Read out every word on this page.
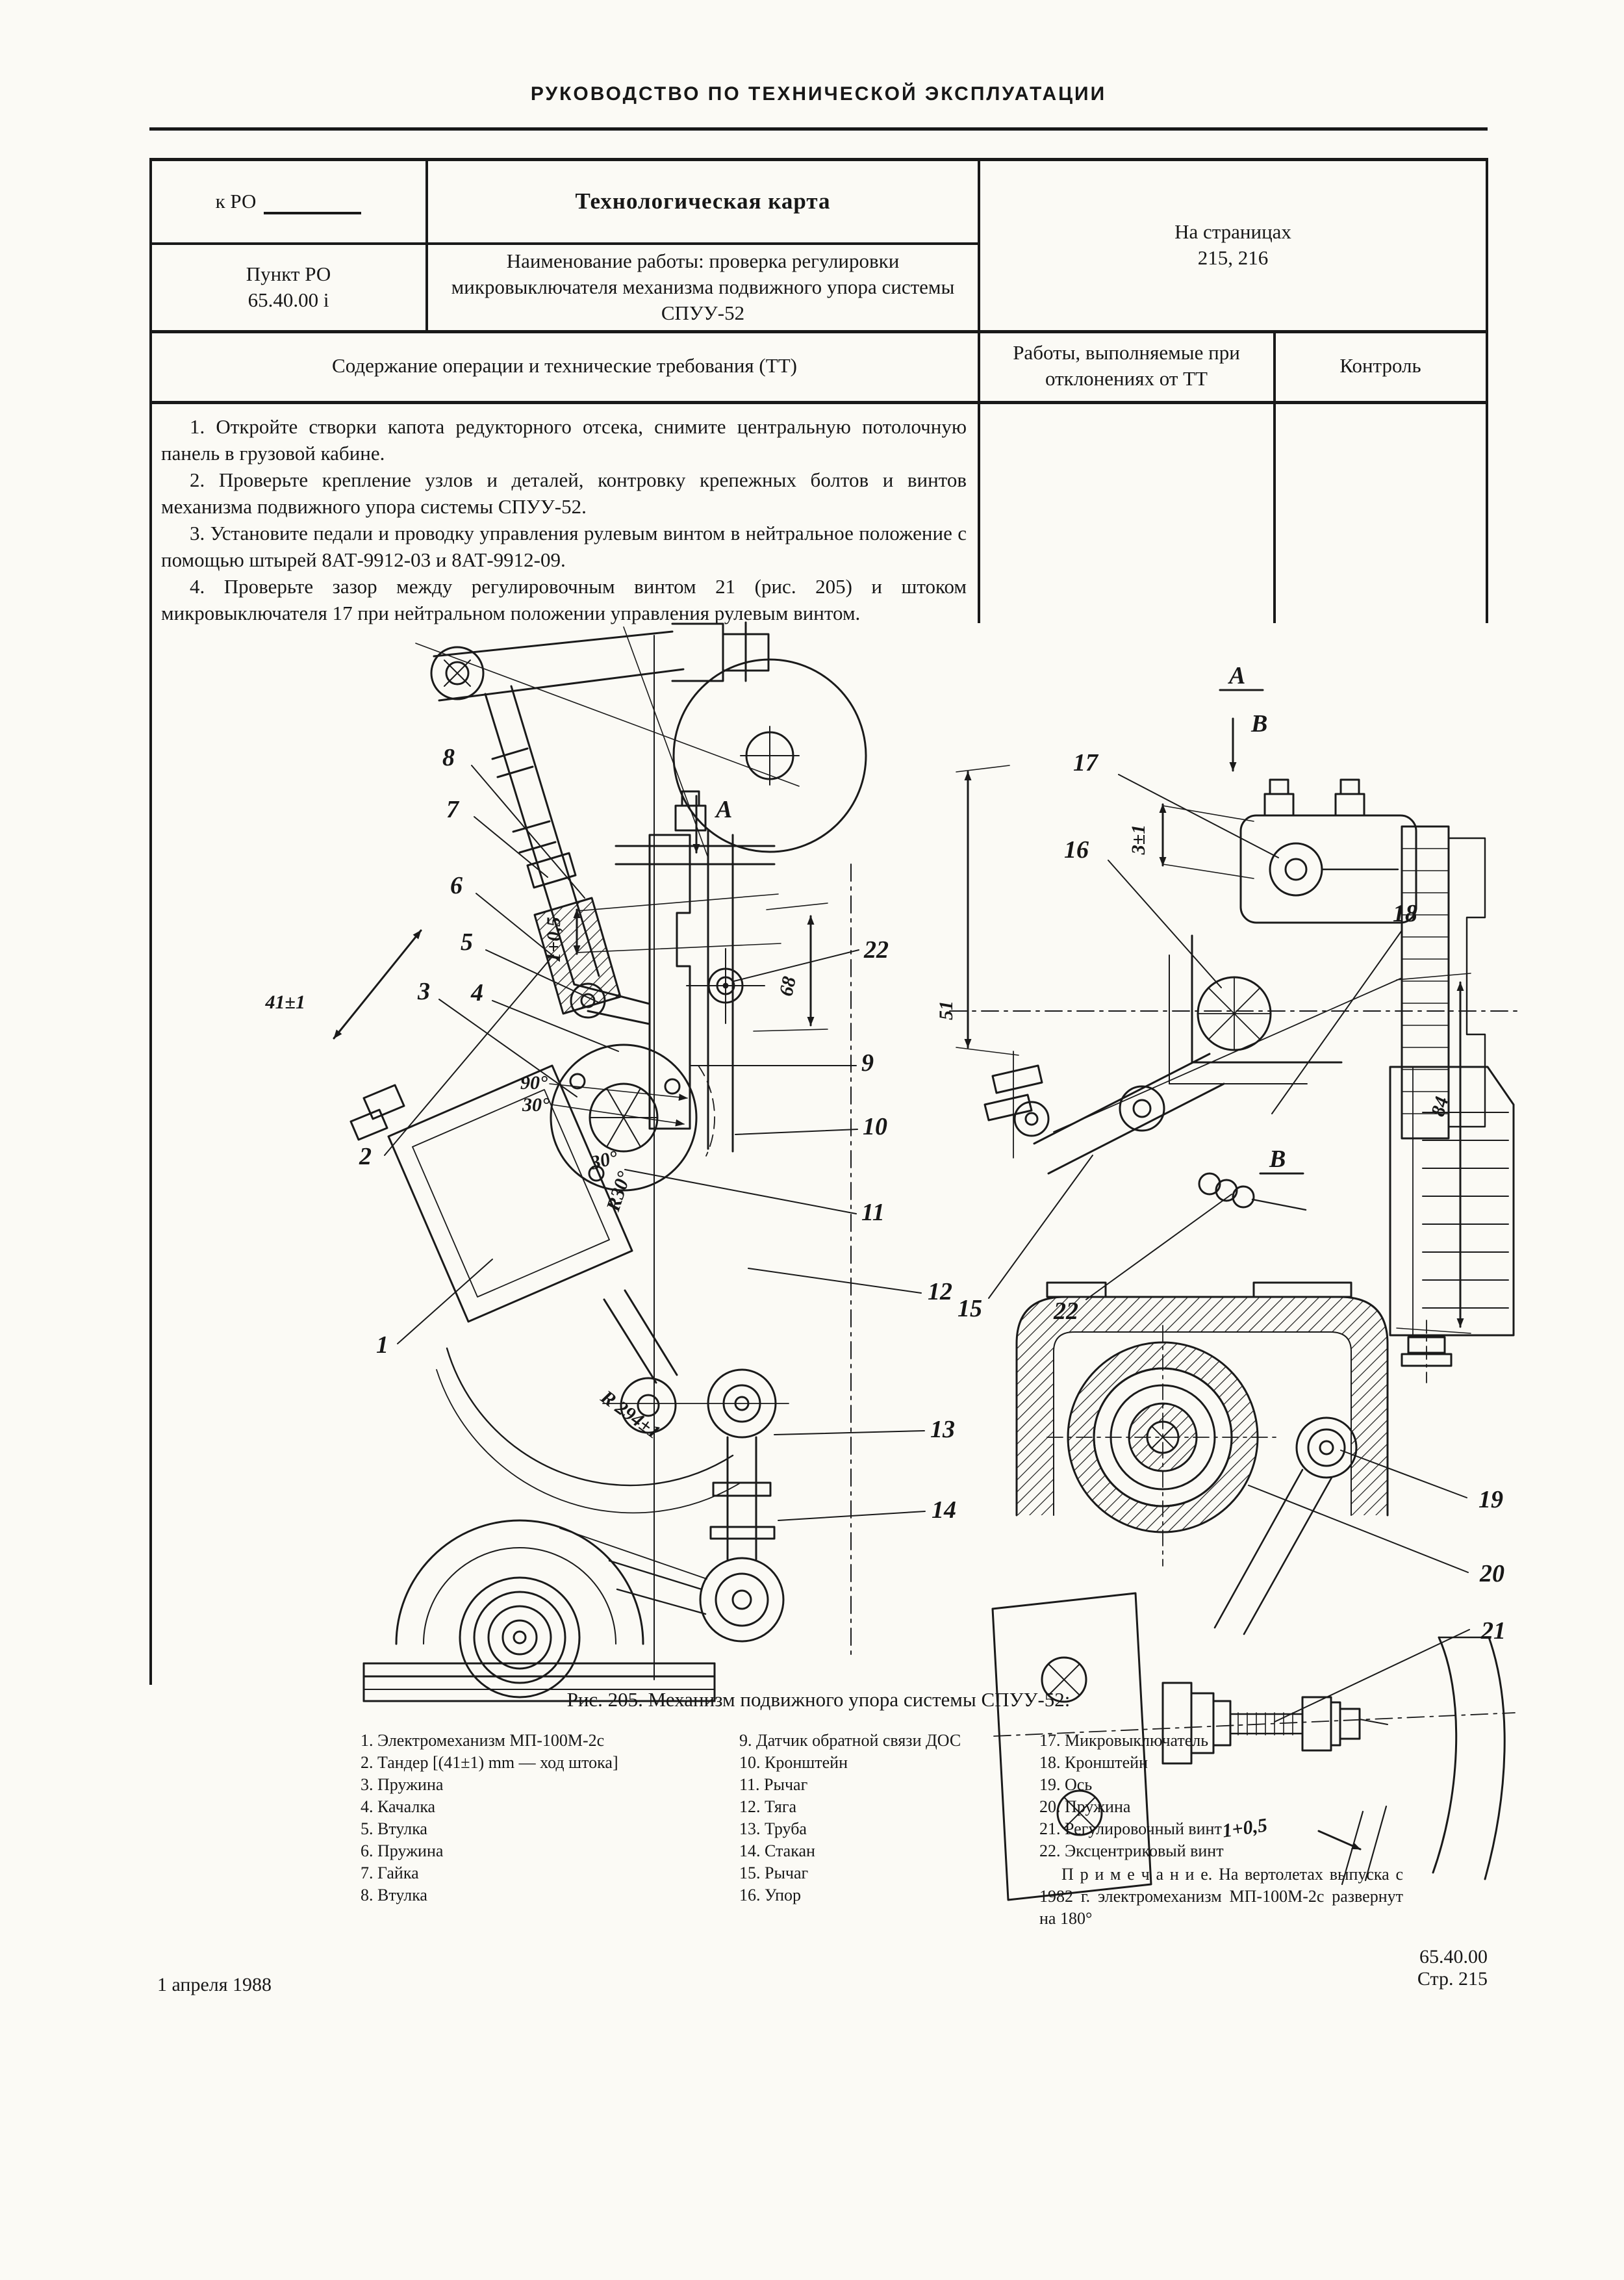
РУКОВОДСТВО ПО ТЕХНИЧЕСКОЙ ЭКСПЛУАТАЦИИ
к РО	Технологическая карта
На страницах
215, 216
Пункт РО
65.40.00 i
Наименование работы: проверка регулировки микровыключателя механизма подвижного упора системы СПУУ-52
Содержание операции и технические требования (ТТ)
Работы, выполняемые при отклонениях от ТТ
Контроль

1. Откройте створки капота редукторного отсека, снимите центральную потолочную панель в грузовой кабине.

2. Проверьте крепление узлов и деталей, контровку крепежных болтов и винтов механизма подвижного упора системы СПУУ-52.

3. Установите педали и проводку управления рулевым винтом в нейтральное положение с помощью штырей 8АТ-9912-03 и 8АТ-9912-09.

4. Проверьте зазор между регулировочным винтом 21 (рис. 205) и штоком микровыключателя 17 при нейтральном положении управления рулевым винтом.

8
7
6
5
3 4
2
1
22
9
10
11
12
13
14
41±1
1+0,5
68
90°
30°
30°
R30°
R 294±1
А
А
В
17
16
18
15	22
3±1
51
84
В
19
20
21
1+0,5
Рис. 205. Механизм подвижного упора системы СПУУ-52:

1. Электромеханизм МП-100М-2с

2. Тандер [(41±1) mm — ход штока]

3. Пружина

4. Качалка

5. Втулка

6. Пружина

7. Гайка

8. Втулка

9. Датчик обратной связи ДОС

10. Кронштейн

11. Рычаг

12. Тяга

13. Труба

14. Стакан

15. Рычаг

16. Упор

17. Микровыключатель

18. Кронштейн

19. Ось

20. Пружина

21. Регулировочный винт

22. Эксцентриковый винт

П р и м е ч а н и е. На вертолетах выпуска с 1982 г. электромеханизм МП-100М-2с развернут на 180°

1 апреля 1988
65.40.00
Стр. 215
